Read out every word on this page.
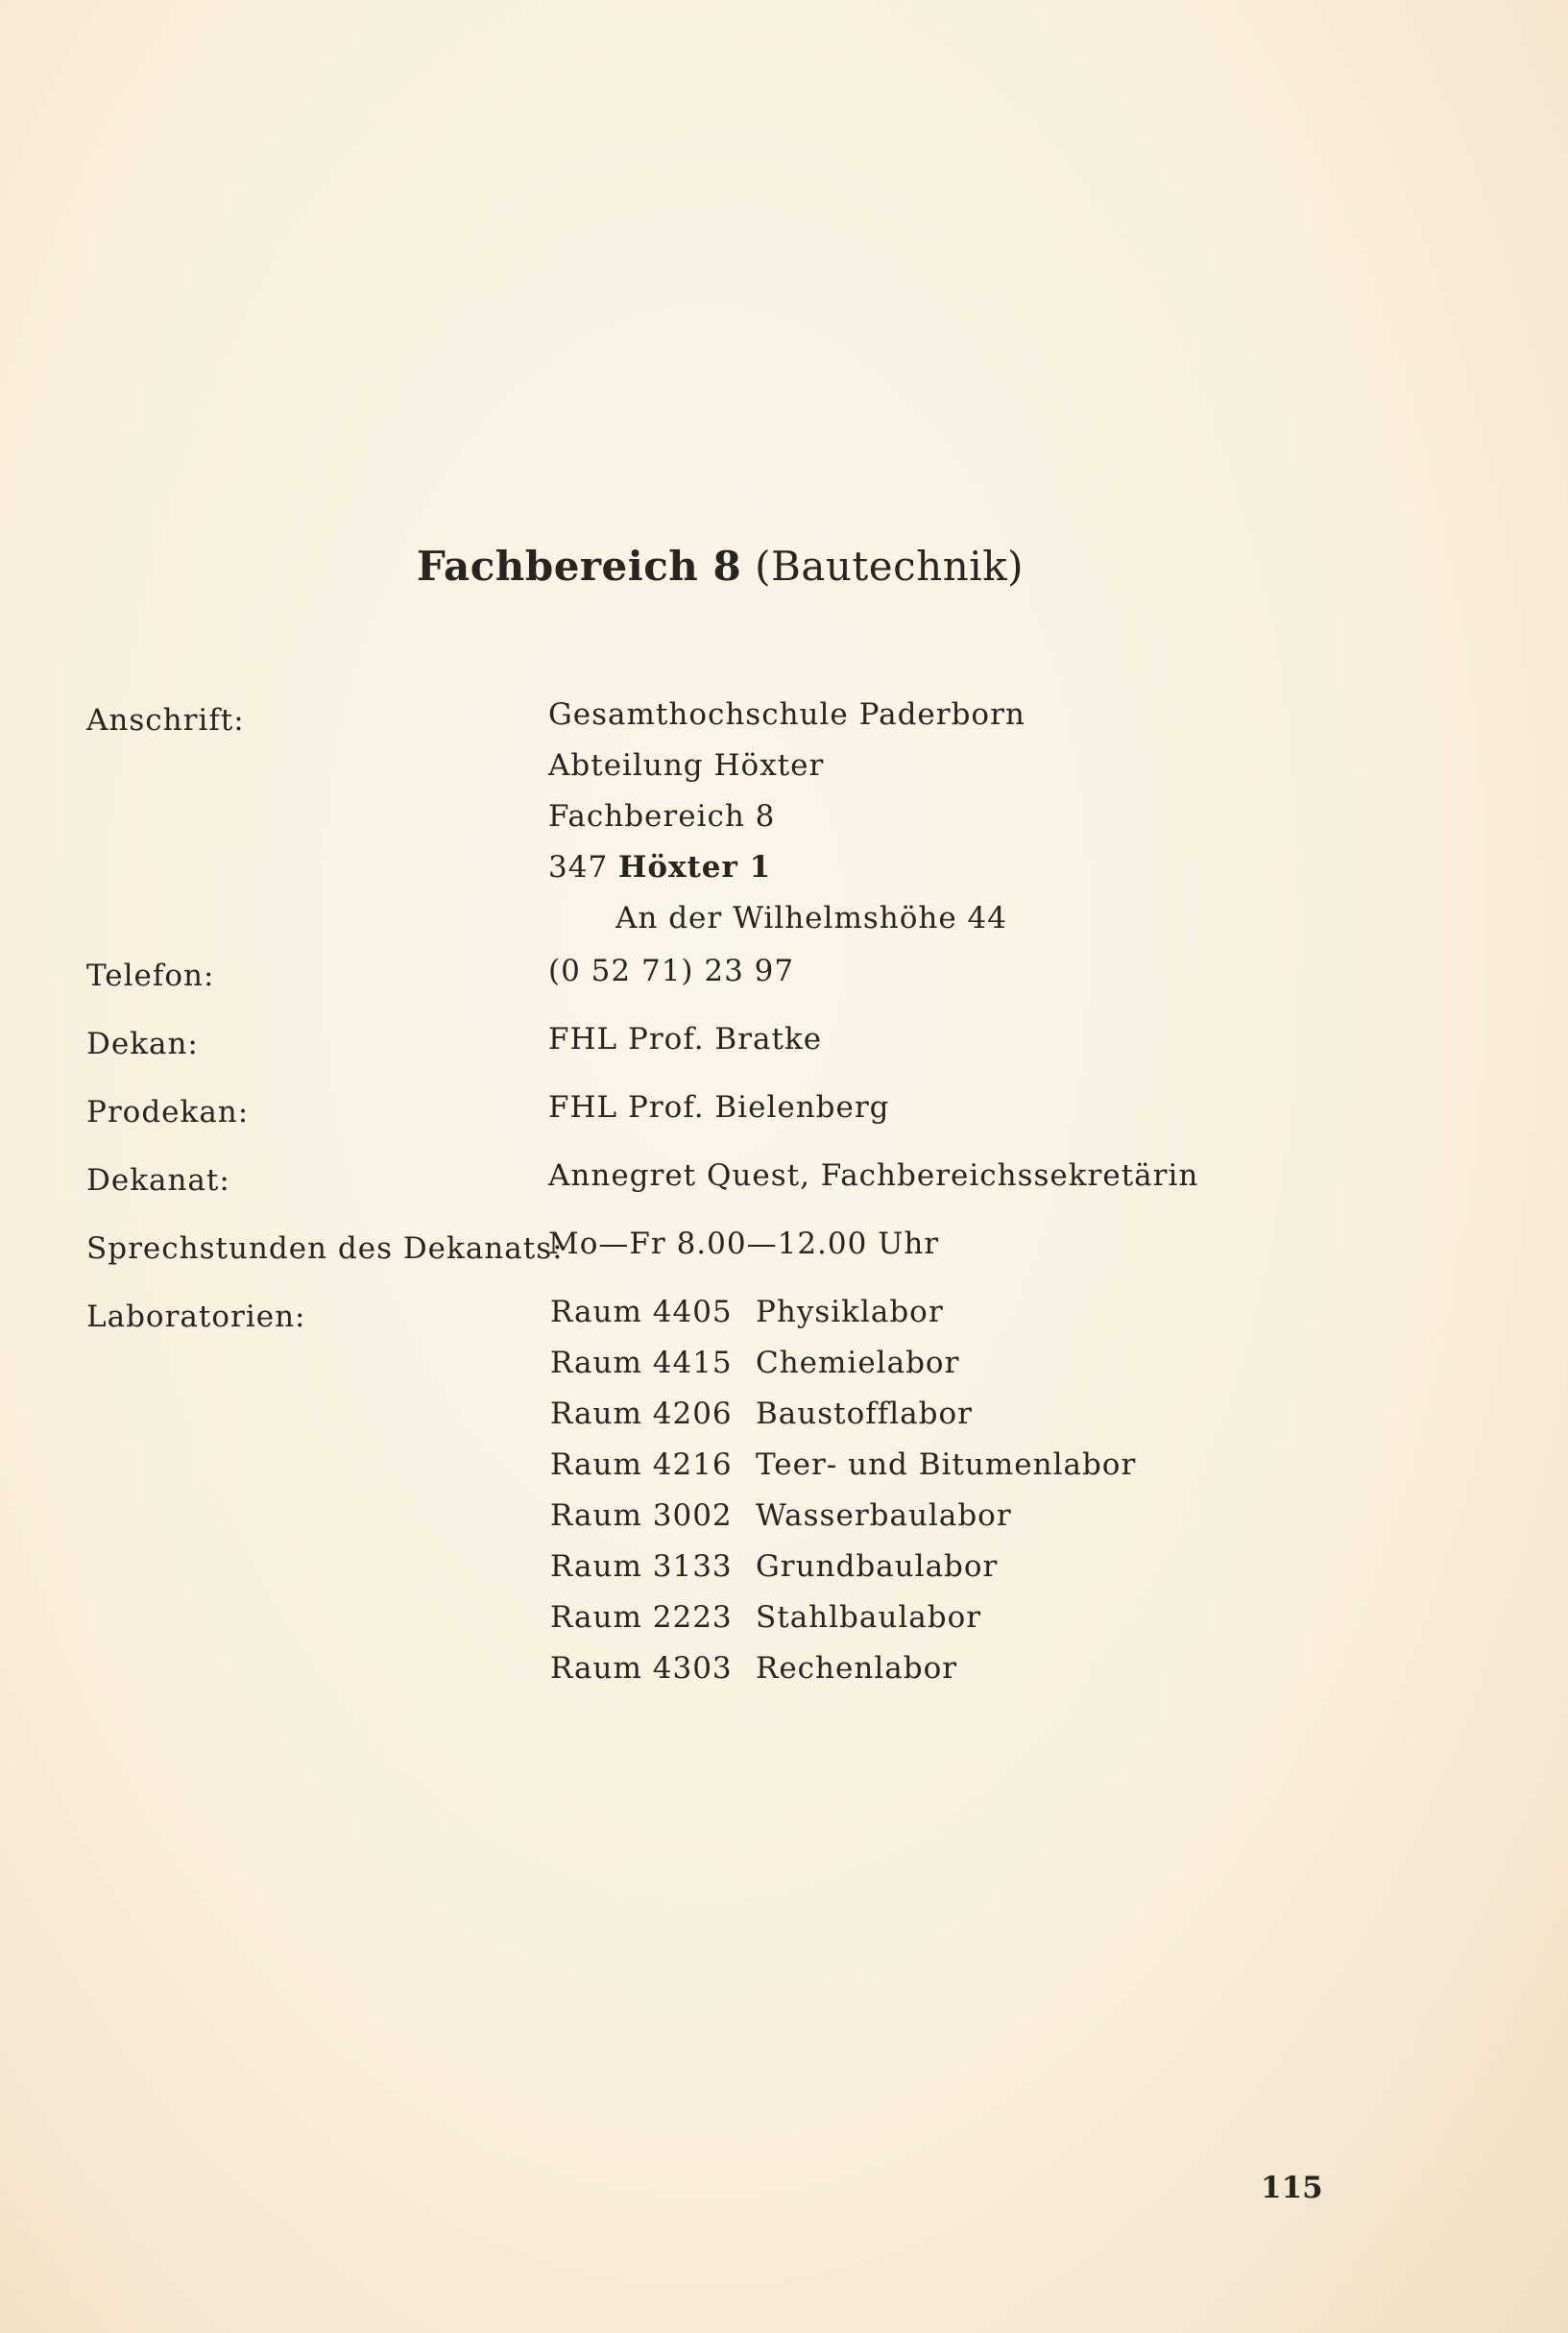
Fachbereich 8 (Bautechnik)
Anschrift:	Gesamthochschule Paderborn
Abteilung Höxter
Fachbereich 8
347 Höxter 1
An der Wilhelmshöhe 44
Telefon:	(0 52 71) 23 97
Dekan:	FHL Prof. Bratke
Prodekan:	FHL Prof. Bielenberg
Dekanat:	Annegret Quest, Fachbereichssekretärin
Sprechstunden des Dekanats:
Mo—Fr 8.00—12.00 Uhr
Laboratorien:	Raum 4405 Physiklabor
Raum 4415 Chemielabor
Raum 4206 Baustofflabor
Raum 4216 Teer- und Bitumenlabor
Raum 3002 Wasserbaulabor
Raum 3133 Grundbaulabor
Raum 2223 Stahlbaulabor
Raum 4303 Rechenlabor
115
